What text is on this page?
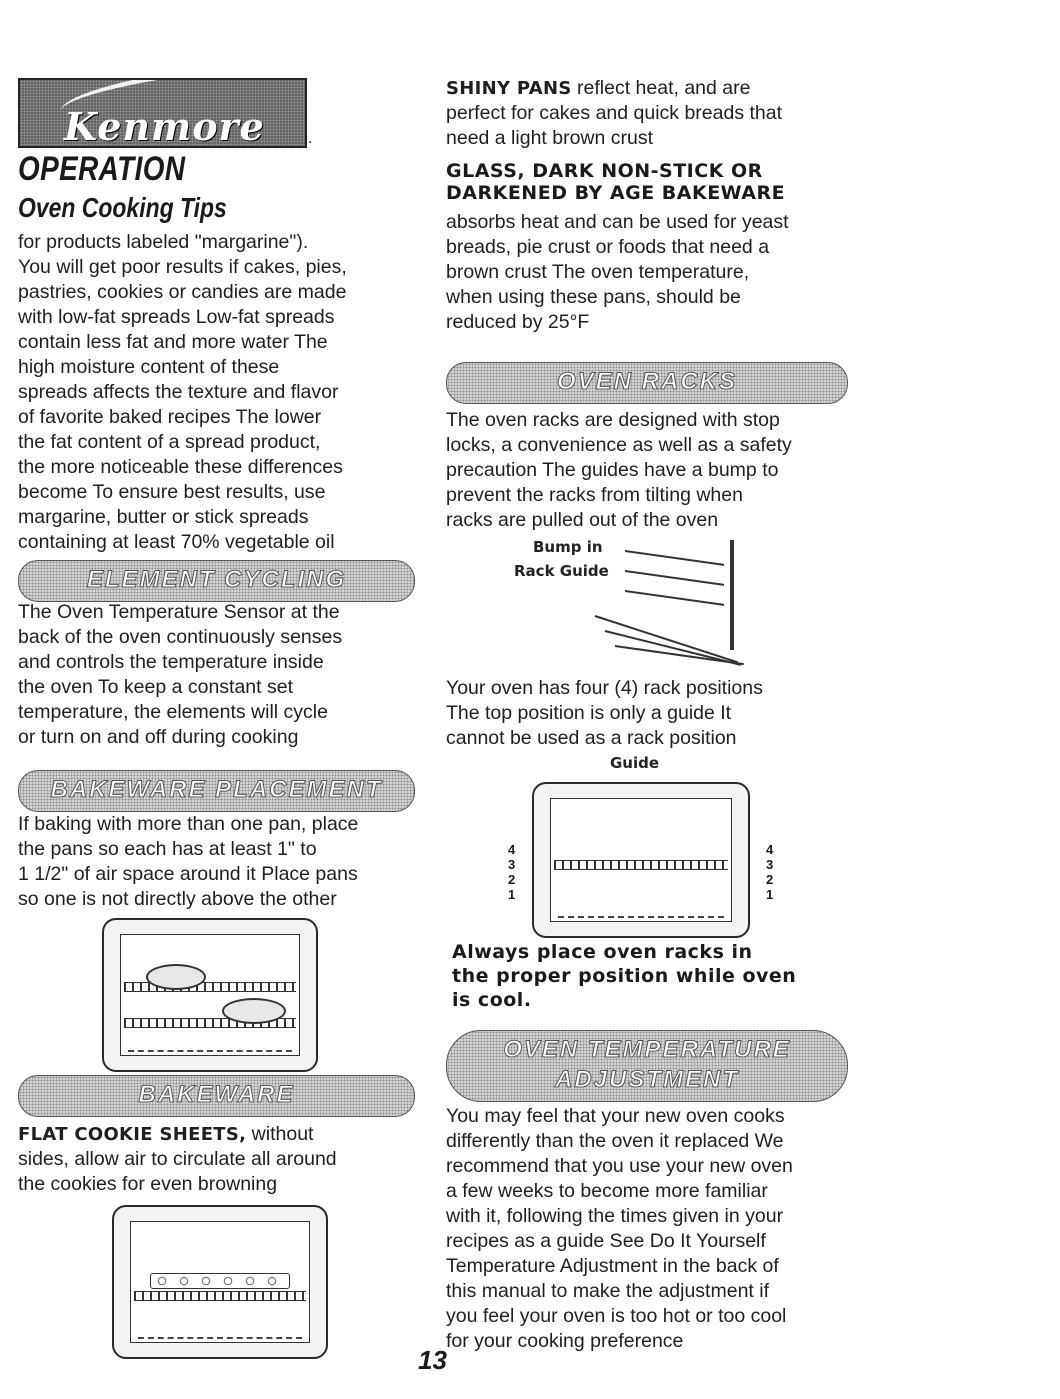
Kenmore	.
OPERATION
Oven Cooking Tips
for products labeled "margarine").
You will get poor results if cakes, pies,
pastries, cookies or candies are made
with low-fat spreads Low-fat spreads
contain less fat and more water The
high moisture content of these
spreads affects the texture and flavor
of favorite baked recipes The lower
the fat content of a spread product,
the more noticeable these differences
become To ensure best results, use
margarine, butter or stick spreads
containing at least 70% vegetable oil
ELEMENT CYCLING
The Oven Temperature Sensor at the
back of the oven continuously senses
and controls the temperature inside
the oven To keep a constant set
temperature, the elements will cycle
or turn on and off during cooking
BAKEWARE PLACEMENT
If baking with more than one pan, place
the pans so each has at least 1" to
1 1/2" of air space around it Place pans
so one is not directly above the other
BAKEWARE
FLAT COOKIE SHEETS, without
sides, allow air to circulate all around
the cookies for even browning
SHINY PANS reflect heat, and are
perfect for cakes and quick breads that
need a light brown crust
GLASS, DARK NON-STICK OR
DARKENED BY AGE BAKEWARE
absorbs heat and can be used for yeast
breads, pie crust or foods that need a
brown crust The oven temperature,
when using these pans, should be
reduced by 25°F
OVEN RACKS
The oven racks are designed with stop
locks, a convenience as well as a safety
precaution The guides have a bump to
prevent the racks from tilting when
racks are pulled out of the oven
Bump in
Rack Guide
Your oven has four (4) rack positions
The top position is only a guide It
cannot be used as a rack position
Guide
4
3
2
1
4
3
2
1
Always place oven racks in
the proper position while oven
is cool.
OVEN TEMPERATURE
ADJUSTMENT
You may feel that your new oven cooks
differently than the oven it replaced We
recommend that you use your new oven
a few weeks to become more familiar
with it, following the times given in your
recipes as a guide See Do It Yourself
Temperature Adjustment in the back of
this manual to make the adjustment if
you feel your oven is too hot or too cool
for your cooking preference
13
